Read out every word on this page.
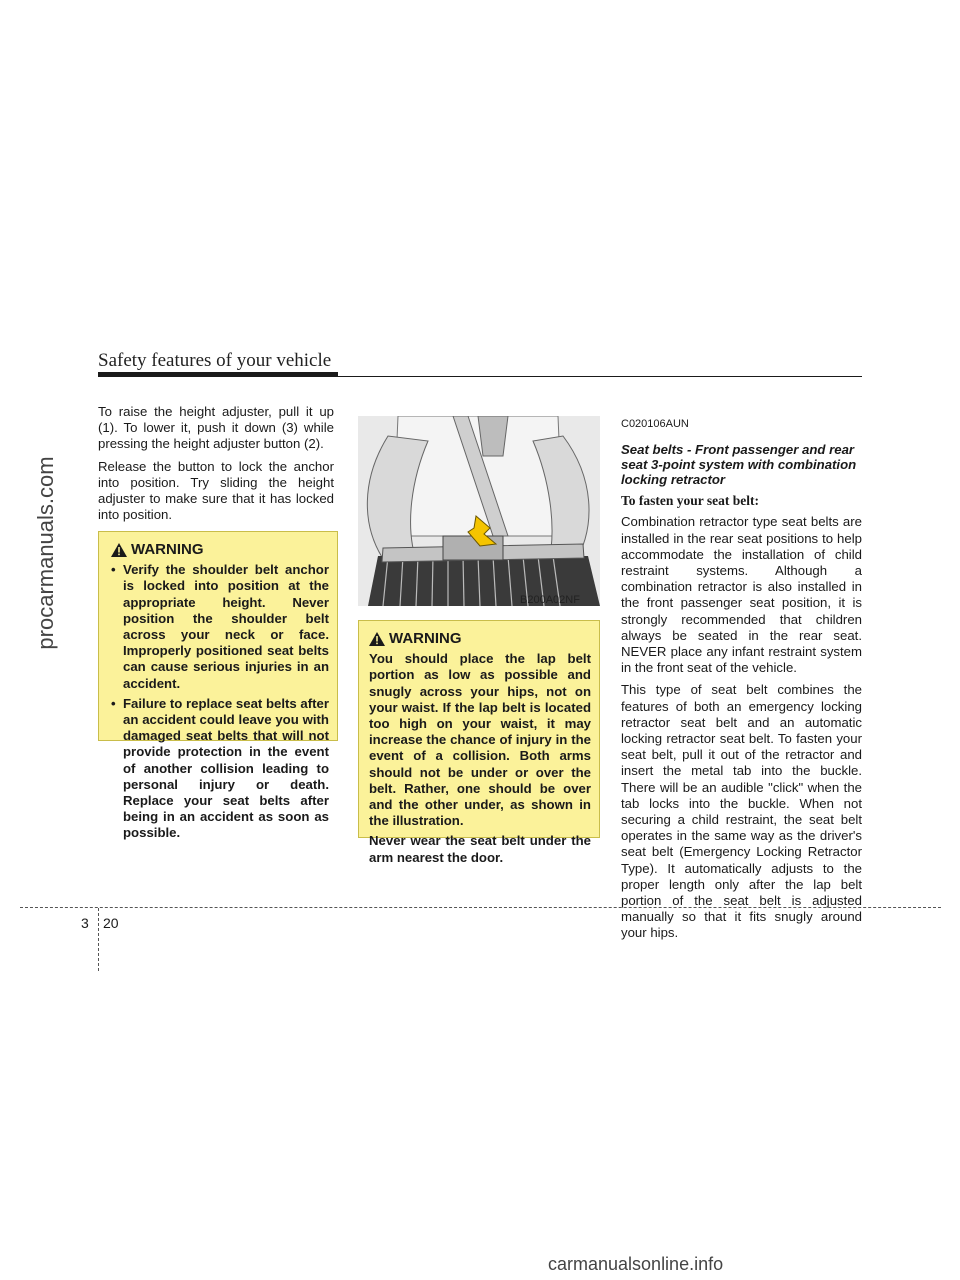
Safety features of your vehicle

To raise the height adjuster, pull it up (1). To lower it, push it down (3) while pressing the height adjuster button (2).

Release the button to lock the anchor into position. Try sliding the height adjuster to make sure that it has locked into position.

WARNING
• Verify the shoulder belt anchor is locked into position at the appropriate height. Never position the shoulder belt across your neck or face. Improperly positioned seat belts can cause serious injuries in an accident.
• Failure to replace seat belts after an accident could leave you with damaged seat belts that will not provide protection in the event of another collision leading to personal injury or death. Replace your seat belts after being in an accident as soon as possible.
B200A02NF
WARNING

You should place the lap belt portion as low as possible and snugly across your hips, not on your waist. If the lap belt is located too high on your waist, it may increase the chance of injury in the event of a collision. Both arms should not be under or over the belt. Rather, one should be over and the other under, as shown in the illustration.

Never wear the seat belt under the arm nearest the door.

C020106AUN
Seat belts - Front passenger and rear seat 3-point system with combination locking retractor
To fasten your seat belt:

Combination retractor type seat belts are installed in the rear seat positions to help accommodate the installation of child restraint systems. Although a combination retractor is also installed in the front passenger seat position, it is strongly recommended that children always be seated in the rear seat. NEVER place any infant restraint system in the front seat of the vehicle.

This type of seat belt combines the features of both an emergency locking retractor seat belt and an automatic locking retractor seat belt. To fasten your seat belt, pull it out of the retractor and insert the metal tab into the buckle. There will be an audible "click" when the tab locks into the buckle. When not securing a child restraint, the seat belt operates in the same way as the driver's seat belt (Emergency Locking Retractor Type). It automatically adjusts to the proper length only after the lap belt portion of the seat belt is adjusted manually so that it fits snugly around your hips.

3 20
procarmanuals.com
carmanualsonline.info
